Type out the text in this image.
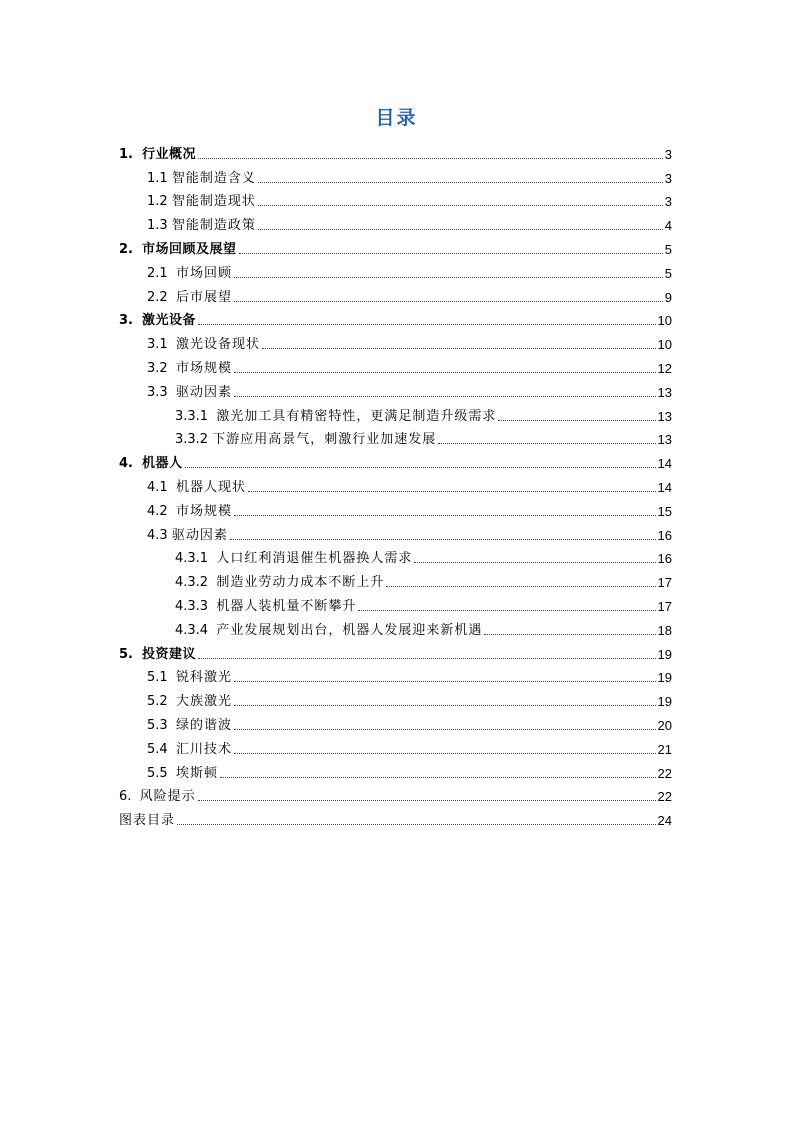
目录
1. 行业概况	3
1.1 智能制造含义	3
1.2 智能制造现状	3
1.3 智能制造政策	4
2. 市场回顾及展望	5
2.1 市场回顾	5
2.2 后市展望	9
3. 激光设备	10
3.1 激光设备现状	10
3.2 市场规模	12
3.3 驱动因素	13
3.3.1 激光加工具有精密特性，更满足制造升级需求	13
3.3.2 下游应用高景气，刺激行业加速发展	13
4. 机器人	14
4.1 机器人现状	14
4.2 市场规模	15
4.3 驱动因素	16
4.3.1 人口红利消退催生机器换人需求	16
4.3.2 制造业劳动力成本不断上升	17
4.3.3 机器人装机量不断攀升	17
4.3.4 产业发展规划出台，机器人发展迎来新机遇	18
5. 投资建议	19
5.1 锐科激光	19
5.2 大族激光	19
5.3 绿的谐波	20
5.4 汇川技术	21
5.5 埃斯顿	22
6. 风险提示	22
图表目录	24
